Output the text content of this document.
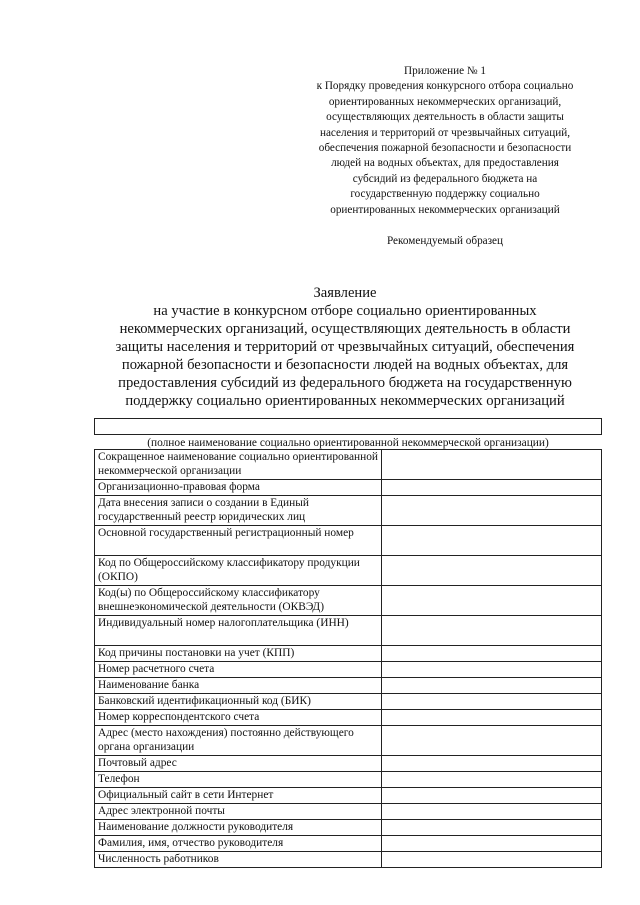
Приложение № 1
к Порядку проведения конкурсного отбора социально
ориентированных некоммерческих организаций,
осуществляющих деятельность в области защиты
населения и территорий от чрезвычайных ситуаций,
обеспечения пожарной безопасности и безопасности
людей на водных объектах, для предоставления
субсидий из федерального бюджета на
государственную поддержку социально
ориентированных некоммерческих организаций
Рекомендуемый образец
Заявление
на участие в конкурсном отборе социально ориентированных
некоммерческих организаций, осуществляющих деятельность в области
защиты населения и территорий от чрезвычайных ситуаций, обеспечения
пожарной безопасности и безопасности людей на водных объектах, для
предоставления субсидий из федерального бюджета на государственную
поддержку социально ориентированных некоммерческих организаций
(полное наименование социально ориентированной некоммерческой организации)
Сокращенное наименование социально ориентированной некоммерческой организации	
Организационно-правовая форма	
Дата внесения записи о создании в Единый государственный реестр юридических лиц	
Основной государственный регистрационный номер	
Код по Общероссийскому классификатору продукции (ОКПО)	
Код(ы) по Общероссийскому классификатору внешнеэкономической деятельности (ОКВЭД)	
Индивидуальный номер налогоплательщика (ИНН)	
Код причины постановки на учет (КПП)	
Номер расчетного счета	
Наименование банка	
Банковский идентификационный код (БИК)	
Номер корреспондентского счета	
Адрес (место нахождения) постоянно действующего органа организации	
Почтовый адрес	
Телефон	
Официальный сайт в сети Интернет	
Адрес электронной почты	
Наименование должности руководителя	
Фамилия, имя, отчество руководителя	
Численность работников	
